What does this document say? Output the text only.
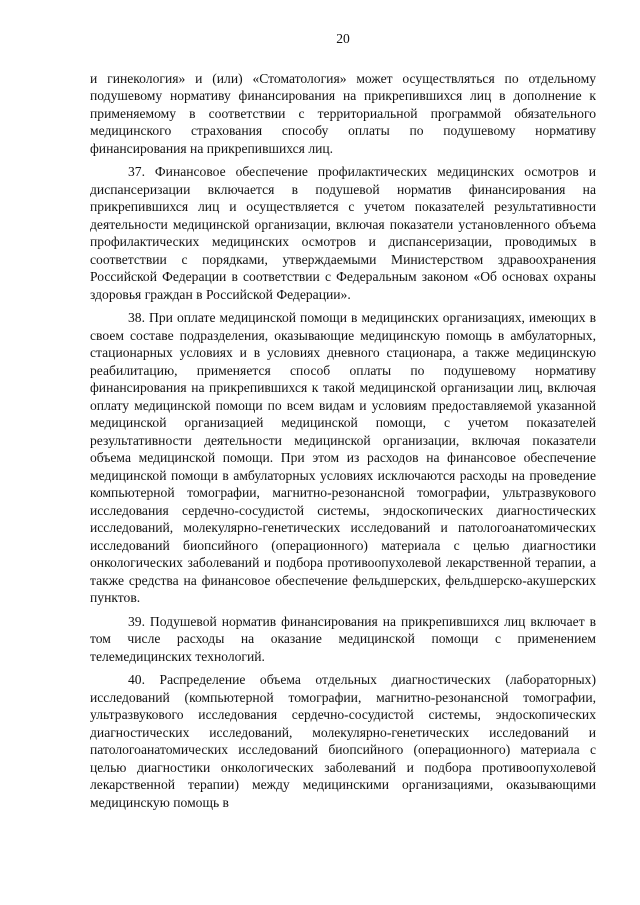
20

и гинекология» и (или) «Стоматология» может осуществляться по отдельному подушевому нормативу финансирования на прикрепившихся лиц в дополнение к применяемому в соответствии с территориальной программой обязательного медицинского страхования способу оплаты по подушевому нормативу финансирования на прикрепившихся лиц.

37. Финансовое обеспечение профилактических медицинских осмотров и диспансеризации включается в подушевой норматив финансирования на прикрепившихся лиц и осуществляется с учетом показателей результативности деятельности медицинской организации, включая показатели установленного объема профилактических медицинских осмотров и диспансеризации, проводимых в соответствии с порядками, утверждаемыми Министерством здравоохранения Российской Федерации в соответствии с Федеральным законом «Об основах охраны здоровья граждан в Российской Федерации».

38. При оплате медицинской помощи в медицинских организациях, имеющих в своем составе подразделения, оказывающие медицинскую помощь в амбулаторных, стационарных условиях и в условиях дневного стационара, а также медицинскую реабилитацию, применяется способ оплаты по подушевому нормативу финансирования на прикрепившихся к такой медицинской организации лиц, включая оплату медицинской помощи по всем видам и условиям предоставляемой указанной медицинской организацией медицинской помощи, с учетом показателей результативности деятельности медицинской организации, включая показатели объема медицинской помощи. При этом из расходов на финансовое обеспечение медицинской помощи в амбулаторных условиях исключаются расходы на проведение компьютерной томографии, магнитно-резонансной томографии, ультразвукового исследования сердечно-сосудистой системы, эндоскопических диагностических исследований, молекулярно-генетических исследований и патологоанатомических исследований биопсийного (операционного) материала с целью диагностики онкологических заболеваний и подбора противоопухолевой лекарственной терапии, а также средства на финансовое обеспечение фельдшерских, фельдшерско-акушерских пунктов.

39. Подушевой норматив финансирования на прикрепившихся лиц включает в том числе расходы на оказание медицинской помощи с применением телемедицинских технологий.

40. Распределение объема отдельных диагностических (лабораторных) исследований (компьютерной томографии, магнитно-резонансной томографии, ультразвукового исследования сердечно-сосудистой системы, эндоскопических диагностических исследований, молекулярно-генетических исследований и патологоанатомических исследований биопсийного (операционного) материала с целью диагностики онкологических заболеваний и подбора противоопухолевой лекарственной терапии) между медицинскими организациями, оказывающими медицинскую помощь в
